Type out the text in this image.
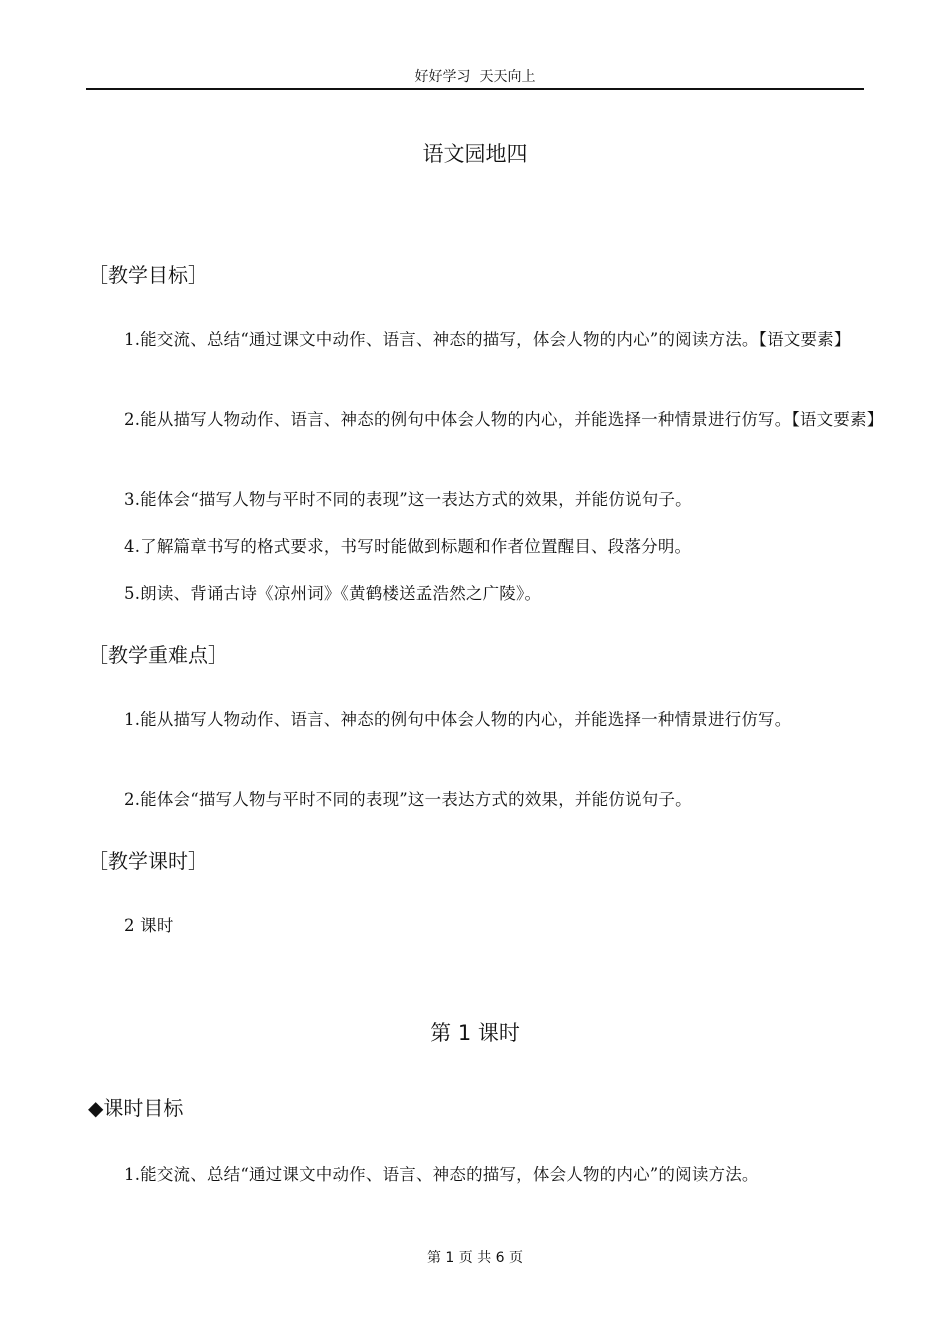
好好学习  天天向上
语文园地四
［教学目标］
1.能交流、总结“通过课文中动作、语言、神态的描写，体会人物的内心”的阅读方法。【语文要素】
2.能从描写人物动作、语言、神态的例句中体会人物的内心，并能选择一种情景进行仿写。【语文要素】
3.能体会“描写人物与平时不同的表现”这一表达方式的效果，并能仿说句子。
4.了解篇章书写的格式要求，书写时能做到标题和作者位置醒目、段落分明。
5.朗读、背诵古诗《凉州词》《黄鹤楼送孟浩然之广陵》。
［教学重难点］
1.能从描写人物动作、语言、神态的例句中体会人物的内心，并能选择一种情景进行仿写。
2.能体会“描写人物与平时不同的表现”这一表达方式的效果，并能仿说句子。
［教学课时］
2 课时
第 1 课时
◆课时目标
1.能交流、总结“通过课文中动作、语言、神态的描写，体会人物的内心”的阅读方法。
第 1 页 共 6 页
